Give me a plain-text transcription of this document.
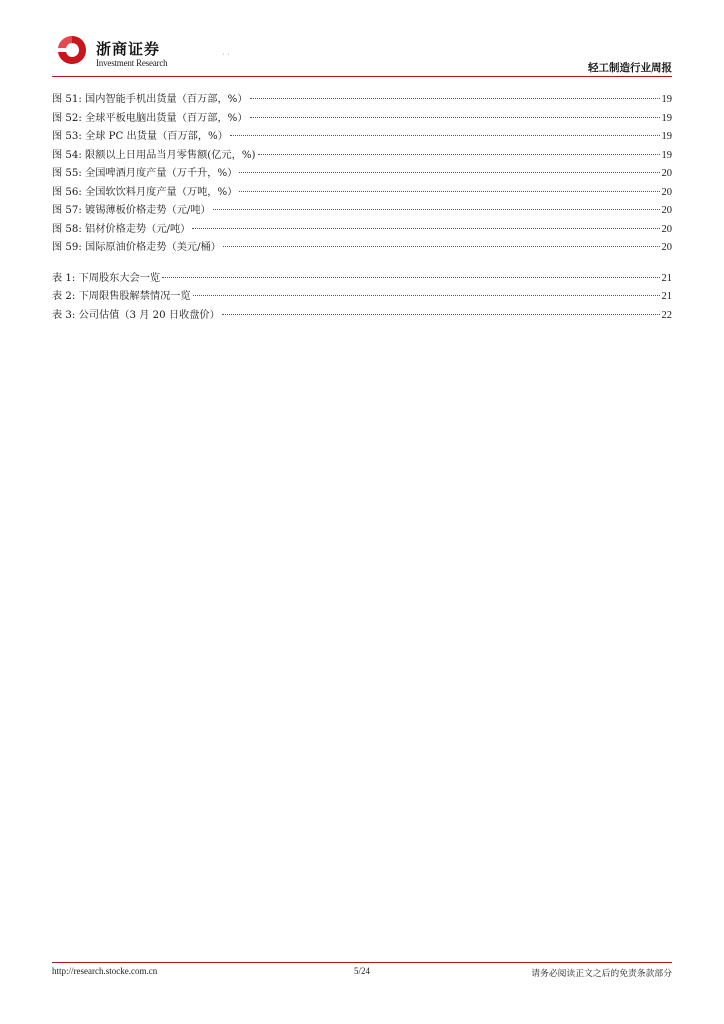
浙商证券
Investment Research
· ·
轻工制造行业周报
图 51: 国内智能手机出货量（百万部，%）	19
图 52: 全球平板电脑出货量（百万部，%）	19
图 53: 全球 PC 出货量（百万部，%）	19
图 54: 限额以上日用品当月零售额(亿元，%)	19
图 55: 全国啤酒月度产量（万千升，%）	20
图 56: 全国软饮料月度产量（万吨，%）	20
图 57: 镀锡薄板价格走势（元/吨）	20
图 58: 铝材价格走势（元/吨）	20
图 59: 国际原油价格走势（美元/桶）	20
表 1: 下周股东大会一览	21
表 2: 下周限售股解禁情况一览	21
表 3: 公司估值（3 月 20 日收盘价）	22
http://research.stocke.com.cn	5/24	请务必阅读正文之后的免责条款部分
